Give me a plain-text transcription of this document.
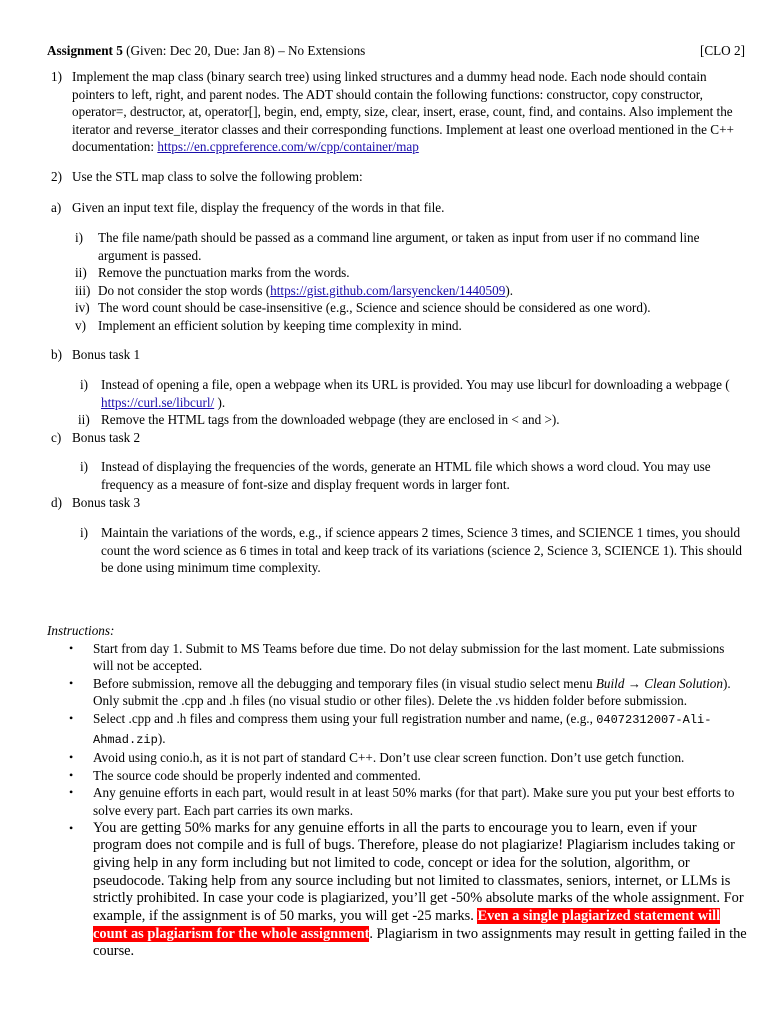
Assignment 5 (Given: Dec 20, Due: Jan 8) – No Extensions	[CLO 2]
1) Implement the map class (binary search tree) using linked structures and a dummy head node. Each node should contain pointers to left, right, and parent nodes. The ADT should contain the following functions: constructor, copy constructor, operator=, destructor, at, operator[], begin, end, empty, size, clear, insert, erase, count, find, and contains. Also implement the iterator and reverse_iterator classes and their corresponding functions. Implement at least one overload mentioned in the C++ documentation: https://en.cppreference.com/w/cpp/container/map
2) Use the STL map class to solve the following problem:
a) Given an input text file, display the frequency of the words in that file.
i) The file name/path should be passed as a command line argument, or taken as input from user if no command line argument is passed.
ii) Remove the punctuation marks from the words.
iii) Do not consider the stop words (https://gist.github.com/larsyencken/1440509).
iv) The word count should be case-insensitive (e.g., Science and science should be considered as one word).
v) Implement an efficient solution by keeping time complexity in mind.
b) Bonus task 1
i) Instead of opening a file, open a webpage when its URL is provided. You may use libcurl for downloading a webpage ( https://curl.se/libcurl/ ).
ii) Remove the HTML tags from the downloaded webpage (they are enclosed in < and >).
c) Bonus task 2
i) Instead of displaying the frequencies of the words, generate an HTML file which shows a word cloud. You may use frequency as a measure of font-size and display frequent words in larger font.
d) Bonus task 3
i) Maintain the variations of the words, e.g., if science appears 2 times, Science 3 times, and SCIENCE 1 times, you should count the word science as 6 times in total and keep track of its variations (science 2, Science 3, SCIENCE 1). This should be done using minimum time complexity.
Instructions:
• Start from day 1. Submit to MS Teams before due time. Do not delay submission for the last moment. Late submissions will not be accepted.
• Before submission, remove all the debugging and temporary files (in visual studio select menu Build → Clean Solution). Only submit the .cpp and .h files (no visual studio or other files). Delete the .vs hidden folder before submission.
• Select .cpp and .h files and compress them using your full registration number and name, (e.g., 04072312007-Ali-Ahmad.zip).
• Avoid using conio.h, as it is not part of standard C++. Don’t use clear screen function. Don’t use getch function.
• The source code should be properly indented and commented.
• Any genuine efforts in each part, would result in at least 50% marks (for that part). Make sure you put your best efforts to solve every part. Each part carries its own marks.
• You are getting 50% marks for any genuine efforts in all the parts to encourage you to learn, even if your program does not compile and is full of bugs. Therefore, please do not plagiarize! Plagiarism includes taking or giving help in any form including but not limited to code, concept or idea for the solution, algorithm, or pseudocode. Taking help from any source including but not limited to classmates, seniors, internet, or LLMs is strictly prohibited. In case your code is plagiarized, you’ll get -50% absolute marks of the whole assignment. For example, if the assignment is of 50 marks, you will get -25 marks. Even a single plagiarized statement will count as plagiarism for the whole assignment. Plagiarism in two assignments may result in getting failed in the course.
